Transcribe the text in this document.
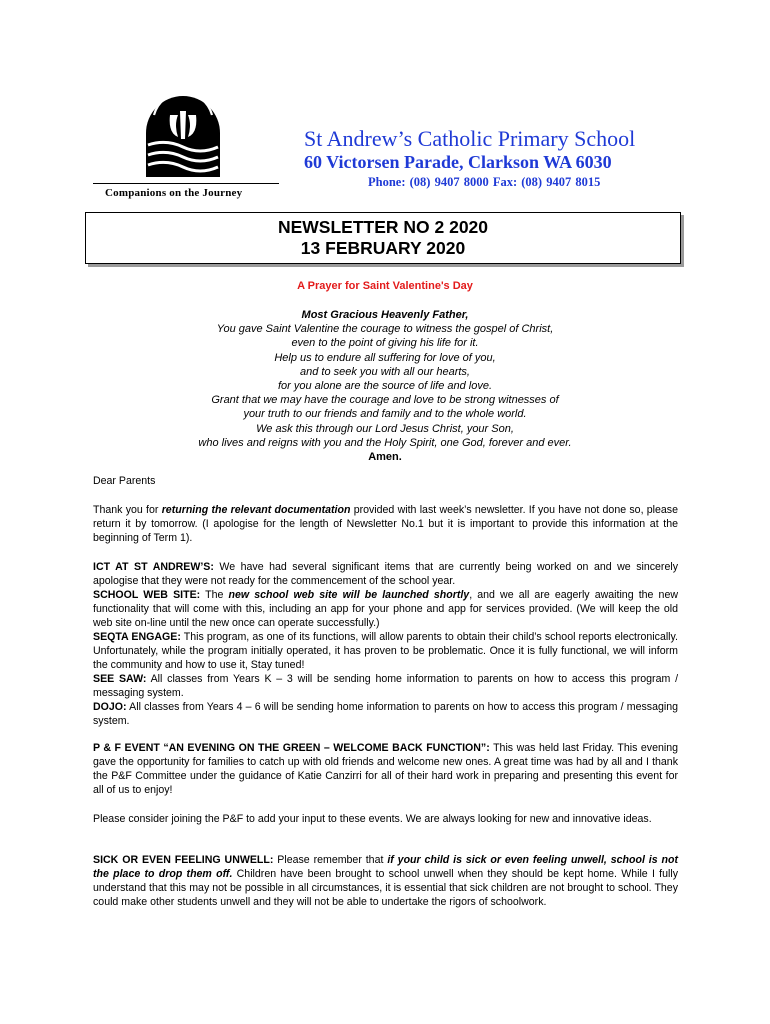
Companions on the Journey
St Andrew’s Catholic Primary School
60 Victorsen Parade, Clarkson WA 6030
Phone: (08) 9407 8000 Fax: (08) 9407 8015
NEWSLETTER NO 2 2020
13 FEBRUARY 2020
A Prayer for Saint Valentine's Day
Most Gracious Heavenly Father,
You gave Saint Valentine the courage to witness the gospel of Christ,
even to the point of giving his life for it.
Help us to endure all suffering for love of you,
and to seek you with all our hearts,
for you alone are the source of life and love.
Grant that we may have the courage and love to be strong witnesses of
your truth to our friends and family and to the whole world.
We ask this through our Lord Jesus Christ, your Son,
who lives and reigns with you and the Holy Spirit, one God, forever and ever.
Amen.
Dear Parents
Thank you for returning the relevant documentation provided with last week’s newsletter. If you have not done so, please return it by tomorrow. (I apologise for the length of Newsletter No.1 but it is important to provide this information at the beginning of Term 1).
ICT AT ST ANDREW’S: We have had several significant items that are currently being worked on and we sincerely apologise that they were not ready for the commencement of the school year.
SCHOOL WEB SITE: The new school web site will be launched shortly, and we all are eagerly awaiting the new functionality that will come with this, including an app for your phone and app for services provided. (We will keep the old web site on-line until the new once can operate successfully.)
SEQTA ENGAGE: This program, as one of its functions, will allow parents to obtain their child’s school reports electronically. Unfortunately, while the program initially operated, it has proven to be problematic. Once it is fully functional, we will inform the community and how to use it, Stay tuned!
SEE SAW: All classes from Years K – 3 will be sending home information to parents on how to access this program / messaging system.
DOJO: All classes from Years 4 – 6 will be sending home information to parents on how to access this program / messaging system.
P & F EVENT “AN EVENING ON THE GREEN – WELCOME BACK FUNCTION”: This was held last Friday. This evening gave the opportunity for families to catch up with old friends and welcome new ones. A great time was had by all and I thank the P&F Committee under the guidance of Katie Canzirri for all of their hard work in preparing and presenting this event for all of us to enjoy!
Please consider joining the P&F to add your input to these events. We are always looking for new and innovative ideas.
SICK OR EVEN FEELING UNWELL: Please remember that if your child is sick or even feeling unwell, school is not the place to drop them off. Children have been brought to school unwell when they should be kept home. While I fully understand that this may not be possible in all circumstances, it is essential that sick children are not brought to school. They could make other students unwell and they will not be able to undertake the rigors of schoolwork.
